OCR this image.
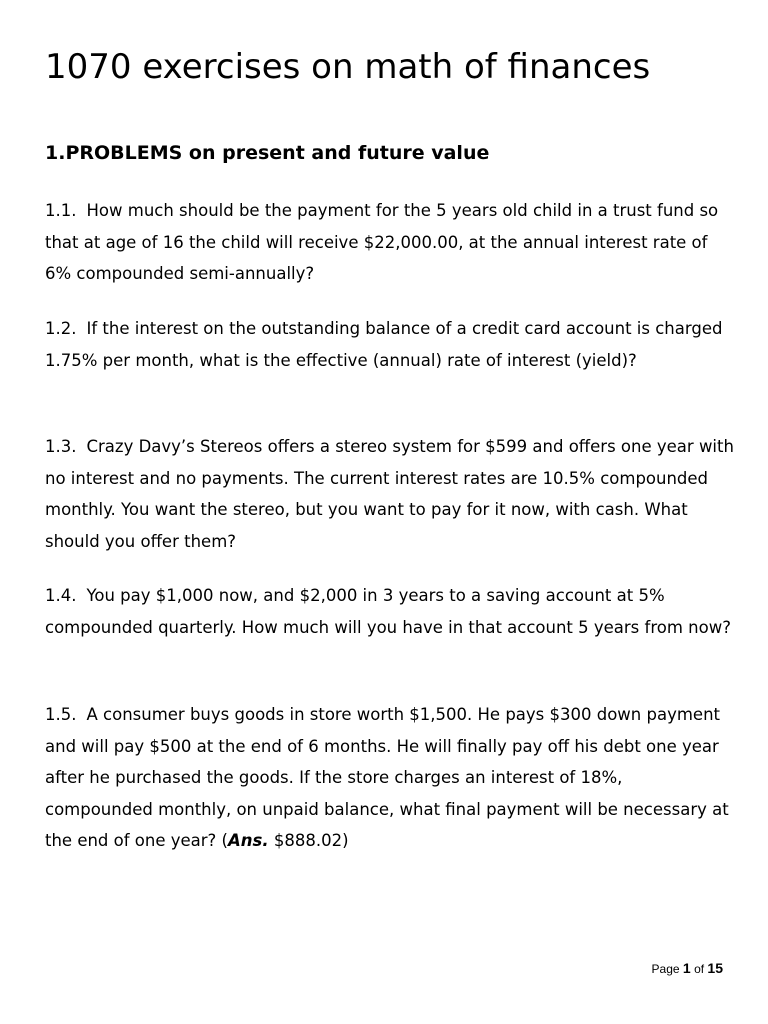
1070 exercises on math of finances
1.PROBLEMS on present and future value

1.1. How much should be the payment for the 5 years old child in a trust fund so that at age of 16 the child will receive $22,000.00, at the annual interest rate of 6% compounded semi-annually?

1.2. If the interest on the outstanding balance of a credit card account is charged 1.75% per month, what is the effective (annual) rate of interest (yield)?

1.3. Crazy Davy’s Stereos offers a stereo system for $599 and offers one year with no interest and no payments. The current interest rates are 10.5% compounded monthly. You want the stereo, but you want to pay for it now, with cash. What should you offer them?

1.4. You pay $1,000 now, and $2,000 in 3 years to a saving account at 5% compounded quarterly. How much will you have in that account 5 years from now?

1.5. A consumer buys goods in store worth $1,500. He pays $300 down payment and will pay $500 at the end of 6 months. He will finally pay off his debt one year after he purchased the goods. If the store charges an interest of 18%, compounded monthly, on unpaid balance, what final payment will be necessary at the end of one year? (Ans. $888.02)

Page 1 of 15
